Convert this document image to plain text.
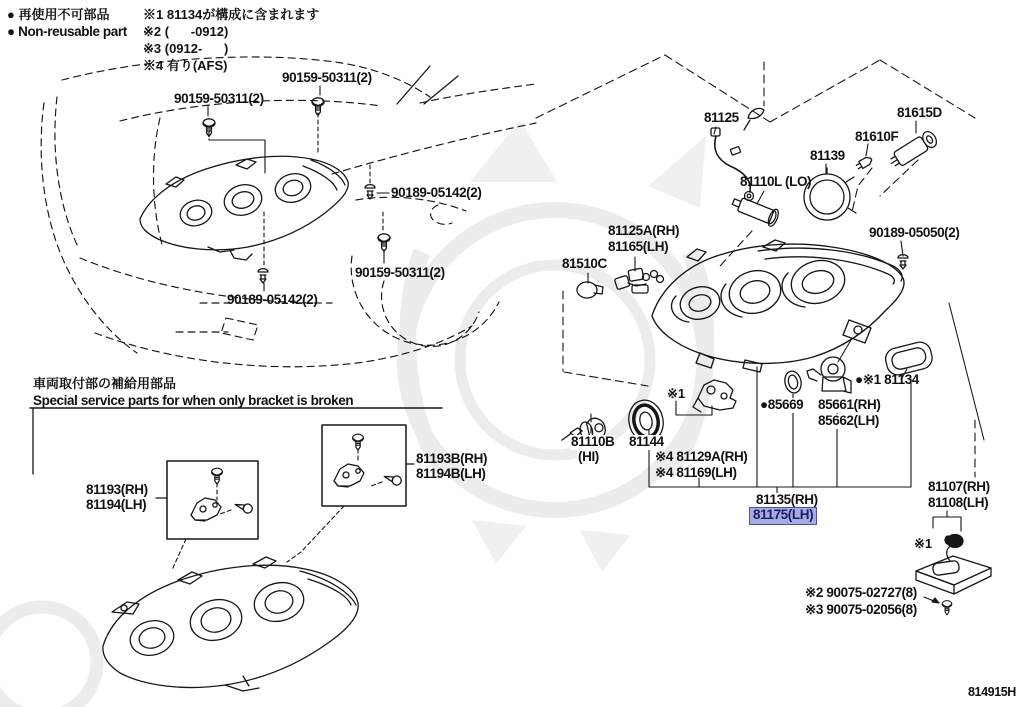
● 再使用不可部品
● Non-reusable part
※1 81134が構成に含まれます
※2 (      -0912)
※3 (0912-      )
※4 有り(AFS)
90159-50311(2)
90159-50311(2)
90189-05142(2)
90159-50311(2)
90189-05142(2)
車両取付部の補給用部品
Special service parts for when only bracket is broken
81193(RH)
81194(LH)
81193B(RH)
81194B(LH)
81125	81615D
81610F
81139
81110L (LO)
90189-05050(2)
81125A(RH)
81165(LH)
81510C
81110B
(HI)
81144
※1
※4 81129A(RH)
※4 81169(LH)
●85669 85661(RH)
85662(LH)
●※1 81134
81135(RH)
81175(LH)
81107(RH)
81108(LH)
※1
※2 90075-02727(8)
※3 90075-02056(8)
814915H
